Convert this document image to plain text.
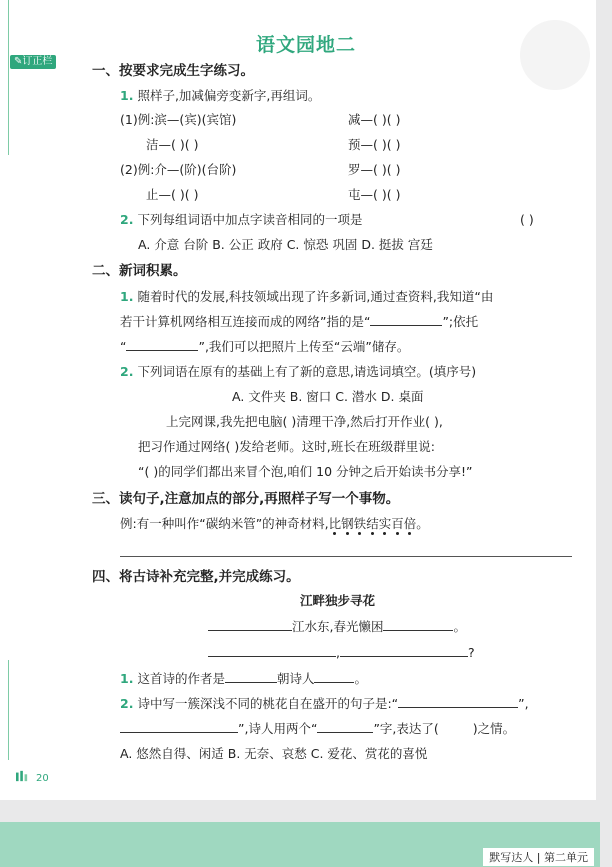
语文园地二
✎订正栏
一、按要求完成生字练习。
1. 照样子,加减偏旁变新字,再组词。
(1)例:滨—(宾)(宾馆)	减—( )( )
洁—( )( )	预—( )( )
(2)例:介—(阶)(台阶)	罗—( )( )
止—( )( )	屯—( )( )
2. 下列每组词语中加点字读音相同的一项是	( )
A. 介意 台阶 B. 公正 政府 C. 惊恐 巩固 D. 挺拔 宫廷
二、新词积累。
1. 随着时代的发展,科技领域出现了许多新词,通过查资料,我知道“由
若干计算机网络相互连接而成的网络”指的是“	”;依托
“	”,我们可以把照片上传至“云端”储存。
2. 下列词语在原有的基础上有了新的意思,请选词填空。(填序号)
A. 文件夹 B. 窗口 C. 潜水 D. 桌面
上完网课,我先把电脑( )清理干净,然后打开作业( ),
把习作通过网络( )发给老师。这时,班长在班级群里说:
“( )的同学们都出来冒个泡,咱们 10 分钟之后开始读书分享!”
三、读句子,注意加点的部分,再照样子写一个事物。
例:有一种叫作“碳纳米管”的神奇材料,比钢铁结实百倍。
四、将古诗补充完整,并完成练习。
江畔独步寻花
江水东,春光懒困	。
,	?
1. 这首诗的作者是	朝诗人	。
2. 诗中写一簇深浅不同的桃花自在盛开的句子是:“	”,
”,诗人用两个“	”字,表达了(	)之情。
A. 悠然自得、闲适 B. 无奈、哀愁 C. 爱花、赏花的喜悦
20
默写达人 | 第二单元
